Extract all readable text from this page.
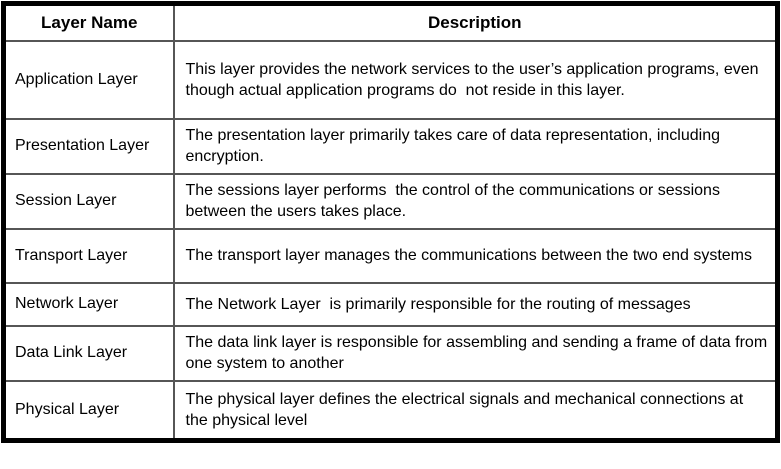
Layer Name	Description
Application Layer	This layer provides the network services to the user’s application programs, even though actual application programs do  not reside in this layer.
Presentation Layer	The presentation layer primarily takes care of data representation, including encryption.
Session Layer	The sessions layer performs  the control of the communications or sessions between the users takes place.
Transport Layer	The transport layer manages the communications between the two end systems
Network Layer	The Network Layer  is primarily responsible for the routing of messages
Data Link Layer	The data link layer is responsible for assembling and sending a frame of data from one system to another
Physical Layer	The physical layer defines the electrical signals and mechanical connections at the physical level
